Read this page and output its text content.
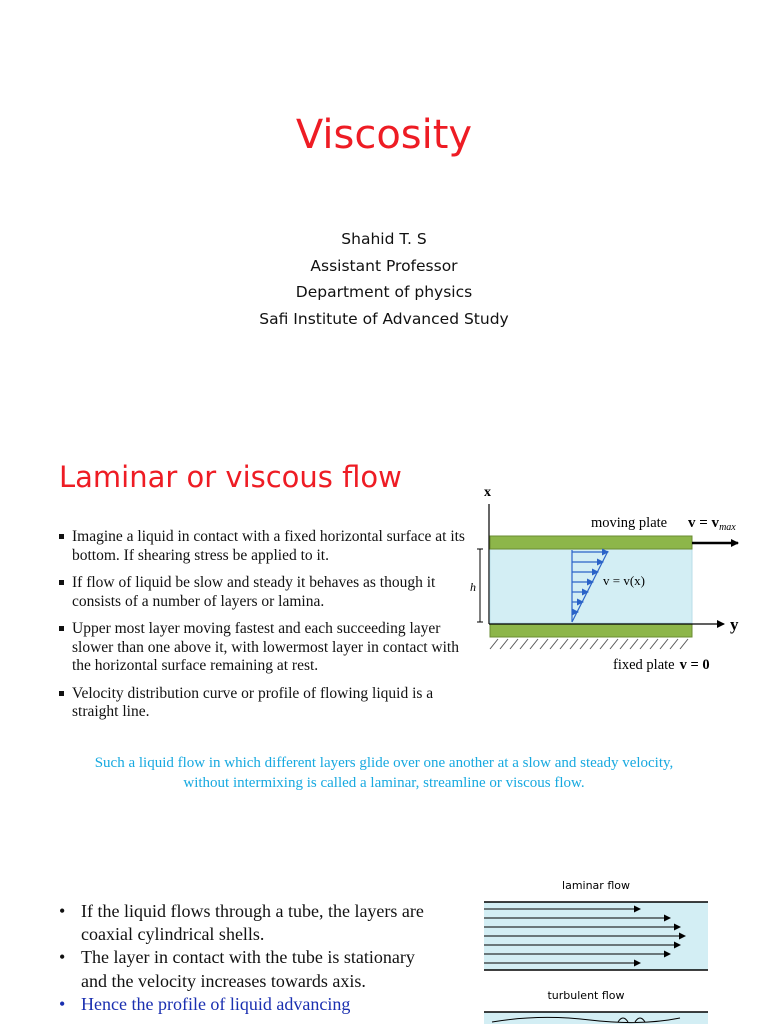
Viscosity
Shahid T. S
Assistant Professor
Department of physics
Safi Institute of Advanced Study
Laminar or viscous flow
Imagine a liquid in contact with a fixed horizontal surface at its bottom. If shearing stress be applied to it.
If flow of liquid be slow and steady it behaves as though it consists of a number of layers or lamina.
Upper most layer moving fastest and each succeeding layer slower than one above it, with lowermost layer in contact with the horizontal surface remaining at rest.
Velocity distribution curve or profile of flowing liquid is a straight line.
Such a liquid flow in which different layers glide over one another at a slow and steady velocity, without intermixing is called a laminar, streamline or viscous flow.
x
y
moving plate $v = v_{max}$
fixed plate v = 0
h	v = v(x)
• If the liquid flows through a tube, the layers are coaxial cylindrical shells.
• The layer in contact with the tube is stationary and the velocity increases towards axis.
• Hence the profile of liquid advancing
laminar flow
turbulent flow
